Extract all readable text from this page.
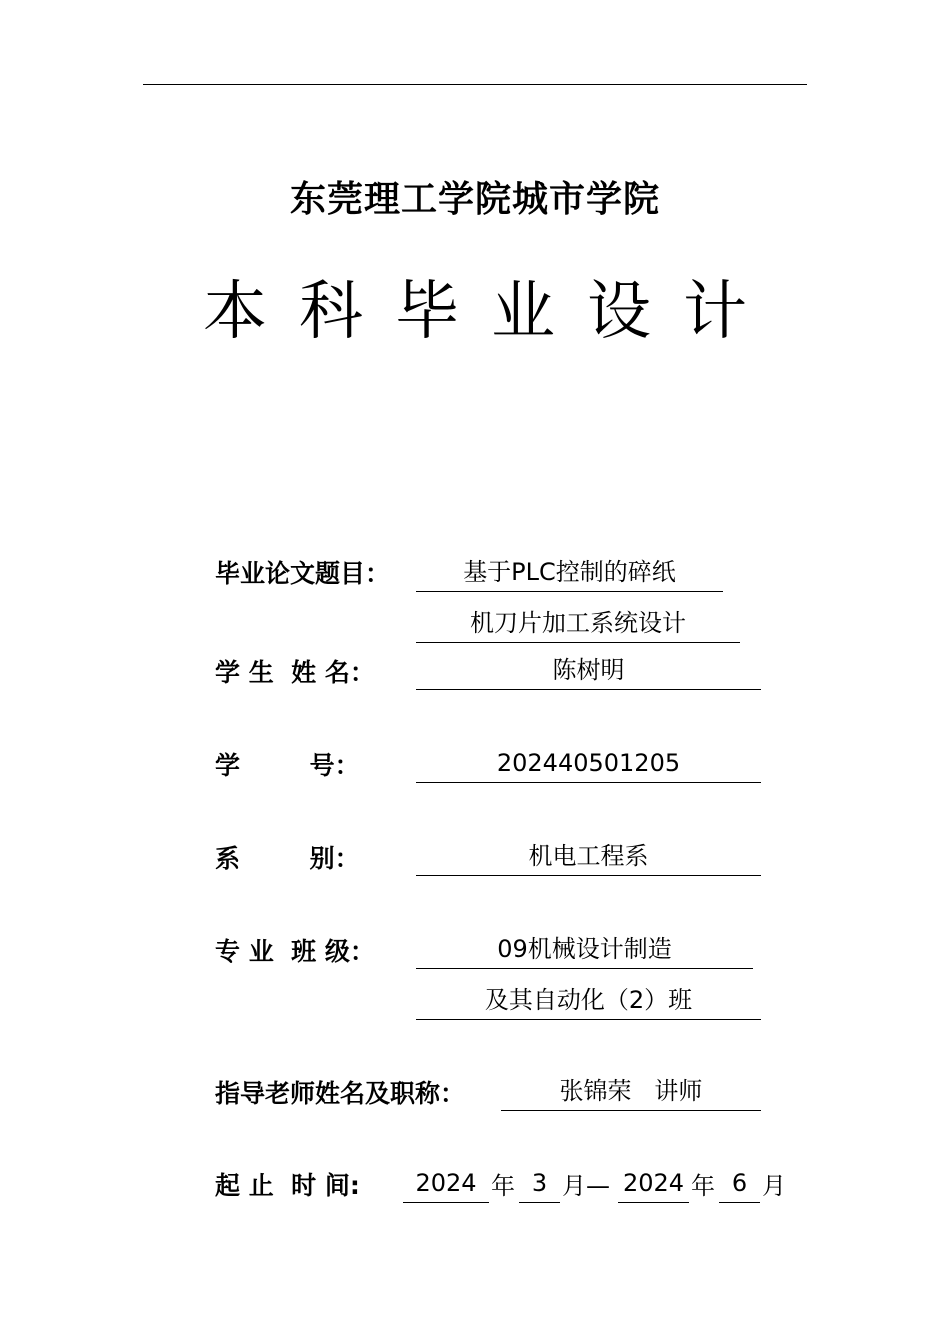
东莞理工学院城市学院
本科毕业设计
毕业论文题目：	基于PLC控制的碎纸
机刀片加工系统设计
学 生  姓 名：	陈树明
学        号：	202440501205
系        别：	机电工程系
专 业  班 级：	09机械设计制造
及其自动化（2）班
指导老师姓名及职称：	张锦荣   讲师
起 止  时 间:	2024 年 3 月— 2024 年 6 月
